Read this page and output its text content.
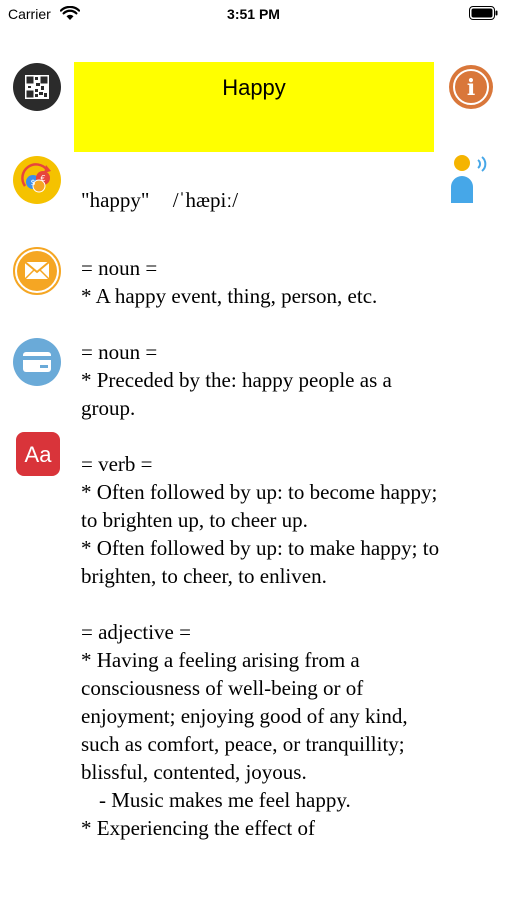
Carrier	3:51 PM
Happy
$ €
Aa
i
"happy" /ˈhæpiː/
= noun =
* A happy event, thing, person, etc.
= noun =
* Preceded by the: happy people as a group.
= verb =
* Often followed by up: to become happy; to brighten up, to cheer up.
* Often followed by up: to make happy; to brighten, to cheer, to enliven.
= adjective =
* Having a feeling arising from a consciousness of well-being or of enjoyment; enjoying good of any kind, such as comfort, peace, or tranquillity; blissful, contented, joyous.
- Music makes me feel happy.
* Experiencing the effect of
